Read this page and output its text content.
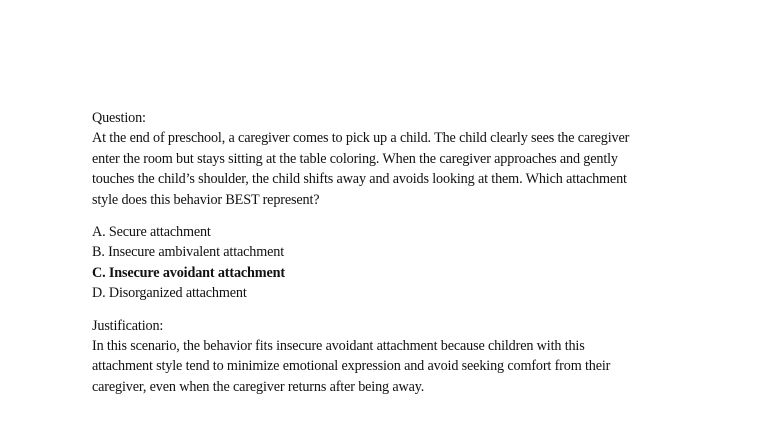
Question:
At the end of preschool, a caregiver comes to pick up a child. The child clearly sees the caregiver
enter the room but stays sitting at the table coloring. When the caregiver approaches and gently
touches the child’s shoulder, the child shifts away and avoids looking at them. Which attachment
style does this behavior BEST represent?
A. Secure attachment
B. Insecure ambivalent attachment
C. Insecure avoidant attachment
D. Disorganized attachment
Justification:
In this scenario, the behavior fits insecure avoidant attachment because children with this
attachment style tend to minimize emotional expression and avoid seeking comfort from their
caregiver, even when the caregiver returns after being away.
